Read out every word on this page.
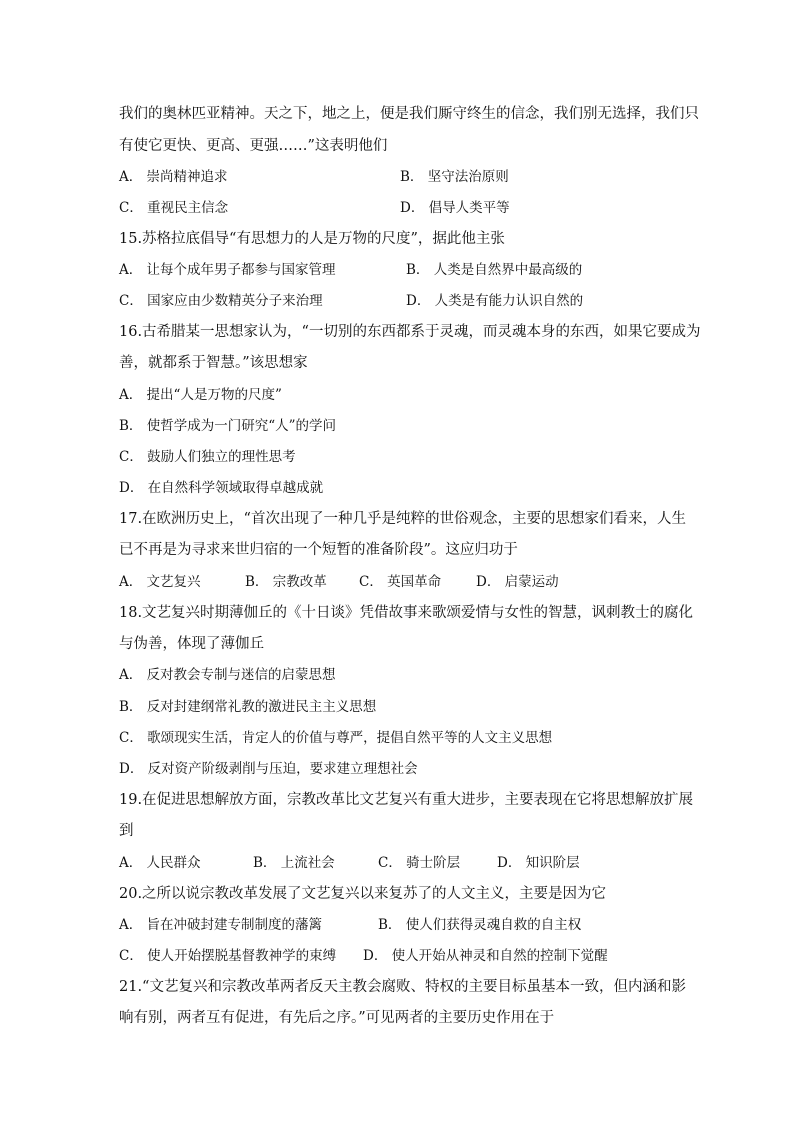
我们的奥林匹亚精神。天之下，地之上，便是我们厮守终生的信念，我们别无选择，我们只
有使它更快、更高、更强……”这表明他们
A． 崇尚精神追求	B． 坚守法治原则
C． 重视民主信念	D． 倡导人类平等
15.苏格拉底倡导“有思想力的人是万物的尺度”，据此他主张
A． 让每个成年男子都参与国家管理	B． 人类是自然界中最高级的
C． 国家应由少数精英分子来治理	D． 人类是有能力认识自然的
16.古希腊某一思想家认为，“一切别的东西都系于灵魂，而灵魂本身的东西，如果它要成为
善，就都系于智慧。”该思想家
A． 提出“人是万物的尺度”
B． 使哲学成为一门研究“人”的学问
C． 鼓励人们独立的理性思考
D． 在自然科学领域取得卓越成就
17.在欧洲历史上，“首次出现了一种几乎是纯粹的世俗观念，主要的思想家们看来，人生
已不再是为寻求来世归宿的一个短暂的准备阶段”。这应归功于
A． 文艺复兴	B． 宗教改革 C． 英国革命	D． 启蒙运动
18.文艺复兴时期薄伽丘的《十日谈》凭借故事来歌颂爱情与女性的智慧，讽刺教士的腐化
与伪善，体现了薄伽丘
A． 反对教会专制与迷信的启蒙思想
B． 反对封建纲常礼教的激进民主主义思想
C． 歌颂现实生活，肯定人的价值与尊严，提倡自然平等的人文主义思想
D． 反对资产阶级剥削与压迫，要求建立理想社会
19.在促进思想解放方面，宗教改革比文艺复兴有重大进步，主要表现在它将思想解放扩展
到
A． 人民群众	B． 上流社会	C． 骑士阶层	D． 知识阶层
20.之所以说宗教改革发展了文艺复兴以来复苏了的人文主义，主要是因为它
A． 旨在冲破封建专制制度的藩篱	B． 使人们获得灵魂自救的自主权
C． 使人开始摆脱基督教神学的束缚 D． 使人开始从神灵和自然的控制下觉醒
21.“文艺复兴和宗教改革两者反天主教会腐败、特权的主要目标虽基本一致，但内涵和影
响有别，两者互有促进，有先后之序。”可见两者的主要历史作用在于
